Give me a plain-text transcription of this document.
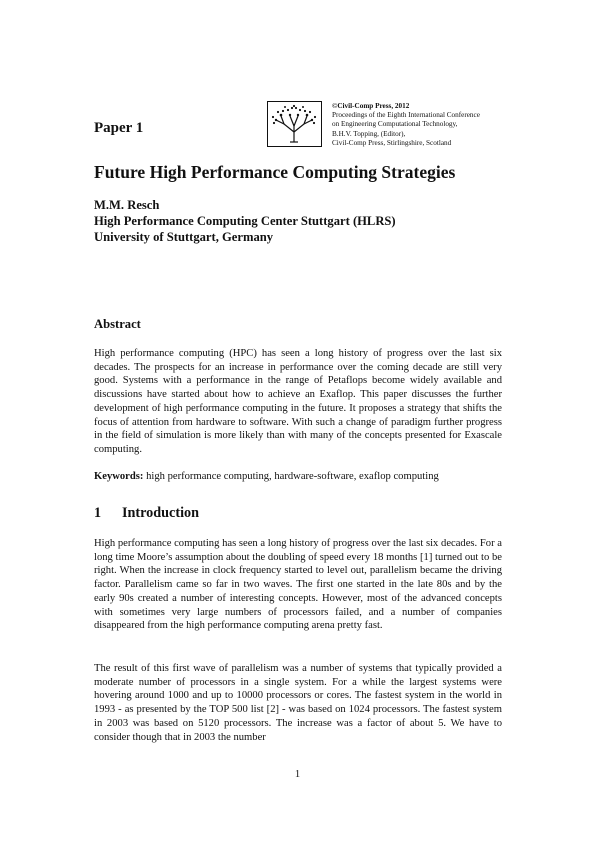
Paper 1
©Civil-Comp Press, 2012
Proceedings of the Eighth International Conference
on Engineering Computational Technology,
B.H.V. Topping, (Editor),
Civil-Comp Press, Stirlingshire, Scotland
Future High Performance Computing Strategies
M.M. Resch
High Performance Computing Center Stuttgart (HLRS)
University of Stuttgart, Germany
Abstract
High performance computing (HPC) has seen a long history of progress over the last six decades. The prospects for an increase in performance over the coming decade are still very good. Systems with a performance in the range of Petaflops become widely available and discussions have started about how to achieve an Exaflop. This paper discusses the further development of high performance computing in the future. It proposes a strategy that shifts the focus of attention from hardware to software. With such a change of paradigm further progress in the field of simulation is more likely than with many of the concepts presented for Exascale computing.
Keywords: high performance computing, hardware-software, exaflop computing
1 Introduction
High performance computing has seen a long history of progress over the last six decades. For a long time Moore’s assumption about the doubling of speed every 18 months [1] turned out to be right. When the increase in clock frequency started to level out, parallelism became the driving factor. Parallelism came so far in two waves. The first one started in the late 80s and by the early 90s created a number of interesting concepts. However, most of the advanced concepts with sometimes very large numbers of processors failed, and a number of companies disappeared from the high performance computing arena pretty fast.
The result of this first wave of parallelism was a number of systems that typically provided a moderate number of processors in a single system. For a while the largest systems were hovering around 1000 and up to 10000 processors or cores. The fastest system in the world in 1993 - as presented by the TOP 500 list [2] - was based on 1024 processors. The fastest system in 2003 was based on 5120 processors. The increase was a factor of about 5. We have to consider though that in 2003 the number
1
